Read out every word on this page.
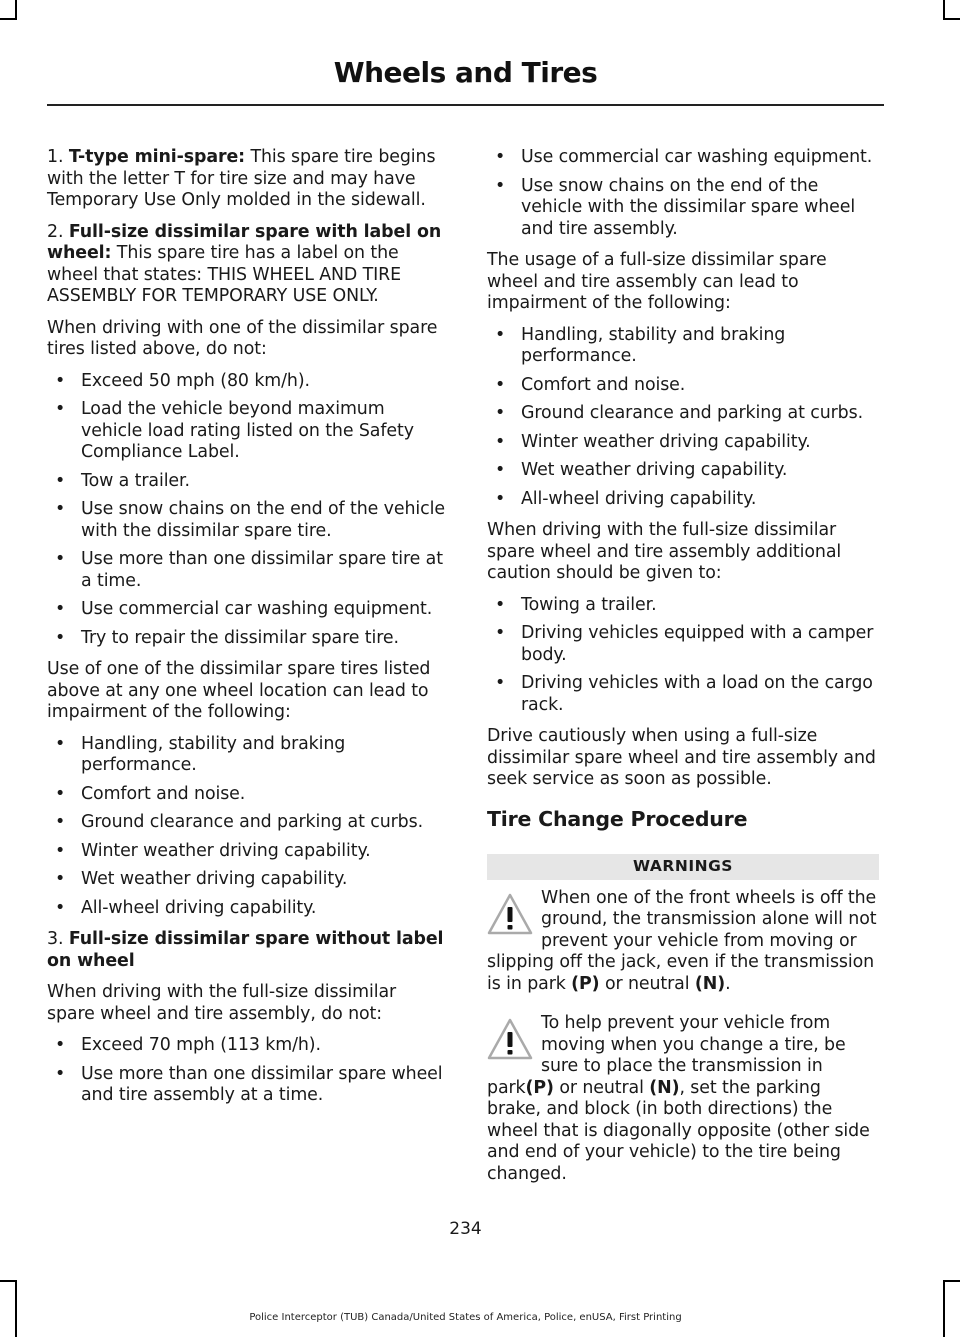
Wheels and Tires

1. T-type mini-spare: This spare tire begins with the letter T for tire size and may have Temporary Use Only molded in the sidewall.

2. Full-size dissimilar spare with label on wheel: This spare tire has a label on the wheel that states: THIS WHEEL AND TIRE ASSEMBLY FOR TEMPORARY USE ONLY.

When driving with one of the dissimilar spare tires listed above, do not:

• Exceed 50 mph (80 km/h).
• Load the vehicle beyond maximum vehicle load rating listed on the Safety Compliance Label.
• Tow a trailer.
• Use snow chains on the end of the vehicle with the dissimilar spare tire.
• Use more than one dissimilar spare tire at a time.
• Use commercial car washing equipment.
• Try to repair the dissimilar spare tire.

Use of one of the dissimilar spare tires listed above at any one wheel location can lead to impairment of the following:

• Handling, stability and braking performance.
• Comfort and noise.
• Ground clearance and parking at curbs.
• Winter weather driving capability.
• Wet weather driving capability.
• All-wheel driving capability.

3. Full-size dissimilar spare without label on wheel

When driving with the full-size dissimilar spare wheel and tire assembly, do not:

• Exceed 70 mph (113 km/h).
• Use more than one dissimilar spare wheel and tire assembly at a time.
• Use commercial car washing equipment.
• Use snow chains on the end of the vehicle with the dissimilar spare wheel and tire assembly.

The usage of a full-size dissimilar spare wheel and tire assembly can lead to impairment of the following:

• Handling, stability and braking performance.
• Comfort and noise.
• Ground clearance and parking at curbs.
• Winter weather driving capability.
• Wet weather driving capability.
• All-wheel driving capability.

When driving with the full-size dissimilar spare wheel and tire assembly additional caution should be given to:

• Towing a trailer.
• Driving vehicles equipped with a camper body.
• Driving vehicles with a load on the cargo rack.

Drive cautiously when using a full-size dissimilar spare wheel and tire assembly and seek service as soon as possible.

Tire Change Procedure
WARNINGS
When one of the front wheels is off the ground, the transmission alone will not prevent your vehicle from moving or slipping off the jack, even if the transmission is in park (P) or neutral (N).
To help prevent your vehicle from moving when you change a tire, be sure to place the transmission in park(P) or neutral (N), set the parking brake, and block (in both directions) the wheel that is diagonally opposite (other side and end of your vehicle) to the tire being changed.
234
Police Interceptor (TUB) Canada/United States of America, Police, enUSA, First Printing
